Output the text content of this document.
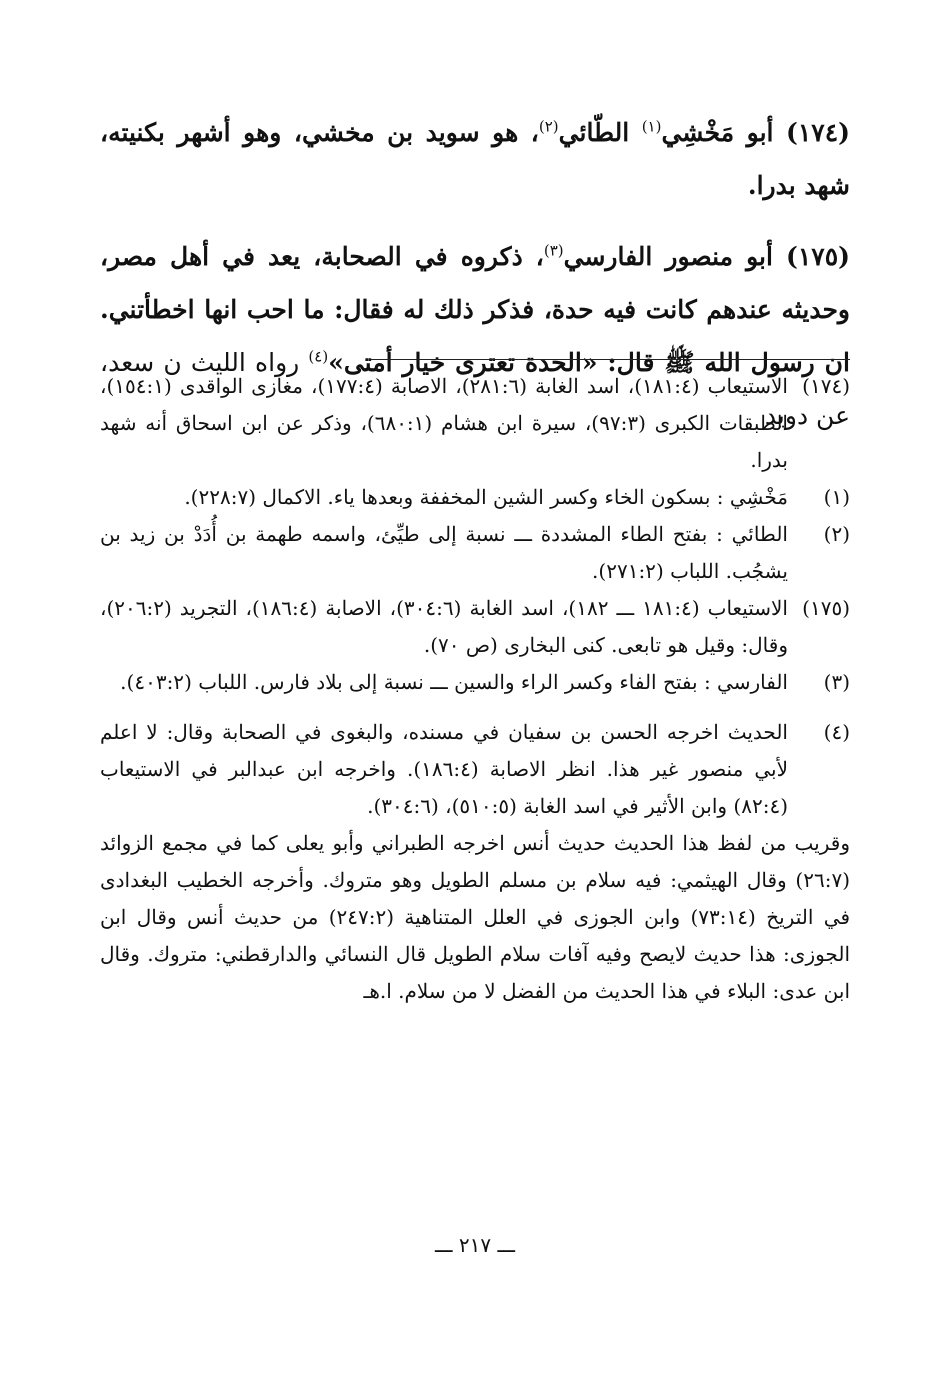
(١٧٤) أبو مَخْشِي$^{(١)}$ الطّائي$^{(٢)}$، هو سويد بن مخشي، وهو أشهر بكنيته، شهد بدرا.

(١٧٥) أبو منصور الفارسي$^{(٣)}$، ذكروه في الصحابة، يعد في أهل مصر، وحديثه عندهم كانت فيه حدة، فذكر ذلك له فقال: ما احب انها اخطأتني. ان رسول الله ﷺ قال: «الحدة تعترى خيار أمتى»$^{(٤)}$ رواه الليث ن سعد، عن دويد

(١٧٤)
الاستيعاب (١٨١:٤)، اسد الغابة (٢٨١:٦)، الاصابة (١٧٧:٤)، مغازى الواقدى (١٥٤:١)، الطبقات الكبرى (٩٧:٣)، سيرة ابن هشام (٦٨٠:١)، وذكر عن ابن اسحاق أنه شهد بدرا.
(١)
مَخْشِي : بسكون الخاء وكسر الشين المخففة وبعدها ياء. الاكمال (٢٢٨:٧).
(٢)
الطائي : بفتح الطاء المشددة ـــ نسبة إلى طيِّئ، واسمه طهمة بن أُدَدْ بن زيد بن يشجُب. اللباب (٢٧١:٢).
(١٧٥)
الاستيعاب (١٨١:٤ ـــ ١٨٢)، اسد الغابة (٣٠٤:٦)، الاصابة (١٨٦:٤)، التجريد (٢٠٦:٢)، وقال: وقيل هو تابعى. كنى البخارى (ص ٧٠).
(٣)
الفارسي : بفتح الفاء وكسر الراء والسين ـــ نسبة إلى بلاد فارس. اللباب (٤٠٣:٢).
(٤)
الحديث اخرجه الحسن بن سفيان في مسنده، والبغوى في الصحابة وقال: لا اعلم لأبي منصور غير هذا. انظر الاصابة (١٨٦:٤). واخرجه ابن عبدالبر في الاستيعاب (٨٢:٤) وابن الأثير في اسد الغابة (٥١٠:٥)، (٣٠٤:٦).

وقريب من لفظ هذا الحديث حديث أنس اخرجه الطبراني وأبو يعلى كما في مجمع الزوائد (٢٦:٧) وقال الهيثمي: فيه سلام بن مسلم الطويل وهو متروك. وأخرجه الخطيب البغدادى في التريخ (٧٣:١٤) وابن الجوزى في العلل المتناهية (٢٤٧:٢) من حديث أنس وقال ابن الجوزى: هذا حديث لايصح وفيه آفات سلام الطويل قال النسائي والدارقطني: متروك. وقال ابن عدى: البلاء في هذا الحديث من الفضل لا من سلام. ا.هـ

ـــ ٢١٧ ـــ
